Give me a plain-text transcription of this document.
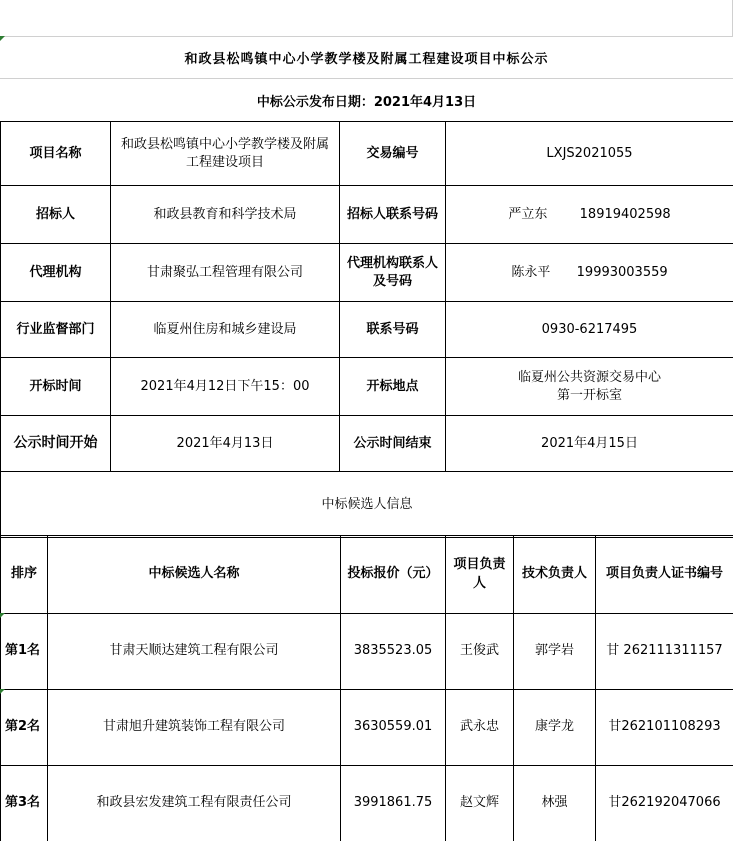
和政县松鸣镇中心小学教学楼及附属工程建设项目中标公示
中标公示发布日期：2021年4月13日
项目名称	和政县松鸣镇中心小学教学楼及附属工程建设项目	交易编号	LXJS2021055
招标人	和政县教育和科学技术局	招标人联系号码	严立东 18919402598
代理机构	甘肃聚弘工程管理有限公司	代理机构联系人及号码	陈永平 19993003559
行业监督部门	临夏州住房和城乡建设局	联系号码	0930-6217495
开标时间	2021年4月12日下午15：00	开标地点	临夏州公共资源交易中心
第一开标室

公示时间开始	2021年4月13日	公示时间结束	2021年4月15日
中标候选人信息			
排序	中标候选人名称	投标报价（元）	项目负责人	技术负责人	项目负责人证书编号
第1名	甘肃天顺达建筑工程有限公司	3835523.05	王俊武	郭学岩	甘 262111311157
第2名	甘肃旭升建筑装饰工程有限公司	3630559.01	武永忠	康学龙	甘262101108293
第3名	和政县宏发建筑工程有限责任公司	3991861.75	赵文辉	林强	甘262192047066
